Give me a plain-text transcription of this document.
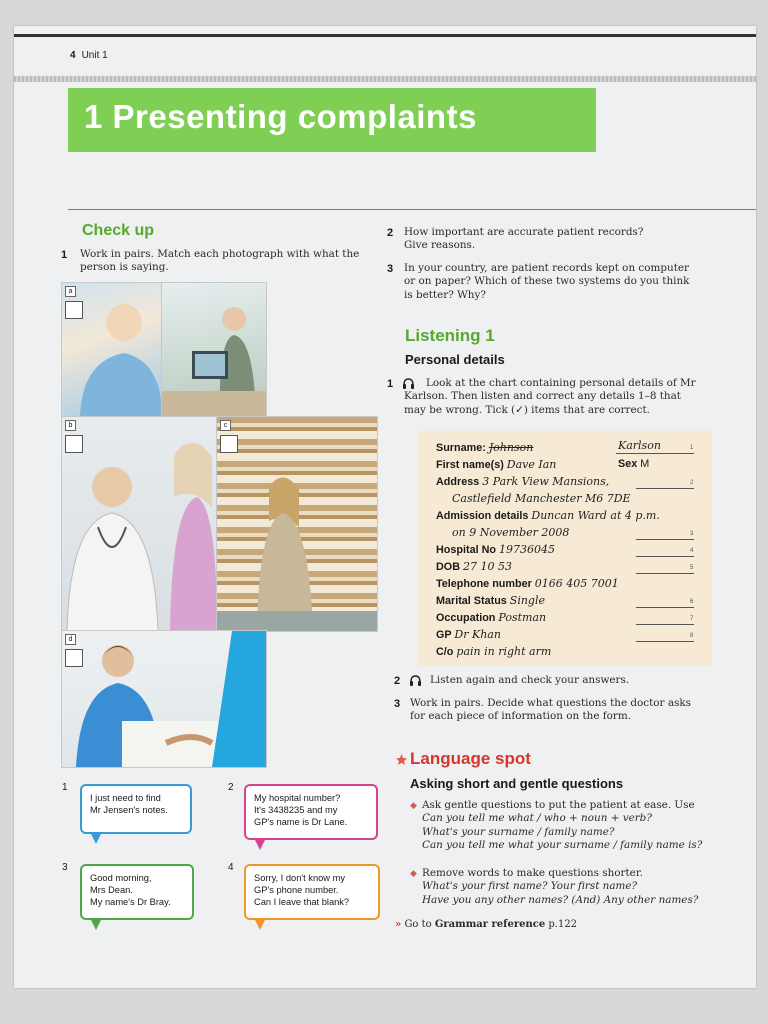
4 Unit 1
1 Presenting complaints
Check up
1 Work in pairs. Match each photograph with what the
person is saying.
a
b	c
d
1
I just need to find
Mr Jensen's notes.
2
My hospital number?
It's 3438235 and my
GP's name is Dr Lane.
3
Good morning,
Mrs Dean.
My name's Dr Bray.
4
Sorry, I don't know my
GP's phone number.
Can I leave that blank?
2 How important are accurate patient records?
Give reasons.
3 In your country, are patient records kept on computer
or on paper? Which of these two systems do you think
is better? Why?
Listening 1
Personal details
1	Look at the chart containing personal details of Mr
Karlson. Then listen and correct any details 1–8 that
may be wrong. Tick (✓) items that are correct.
Surname: Johnson	Karlson	1
First name(s) Dave Ian	Sex M
Address 3 Park View Mansions,	2
Castlefield Manchester M6 7DE
Admission details Duncan Ward at 4 p.m.
on 9 November 2008	3
Hospital No 19736045	4
DOB 27 10 53	5
Telephone number 0166 405 7001
Marital Status Single	6
Occupation Postman	7
GP Dr Khan	8
C/o pain in right arm
2	Listen again and check your answers.
3 Work in pairs. Decide what questions the doctor asks
for each piece of information on the form.
Language spot
Asking short and gentle questions
◆ Ask gentle questions to put the patient at ease. Use
Can you tell me what / who + noun + verb?
What's your surname / family name?
Can you tell me what your surname / family name is?
◆ Remove words to make questions shorter.
What's your first name? Your first name?
Have you any other names? (And) Any other names?
» Go to Grammar reference p.122
